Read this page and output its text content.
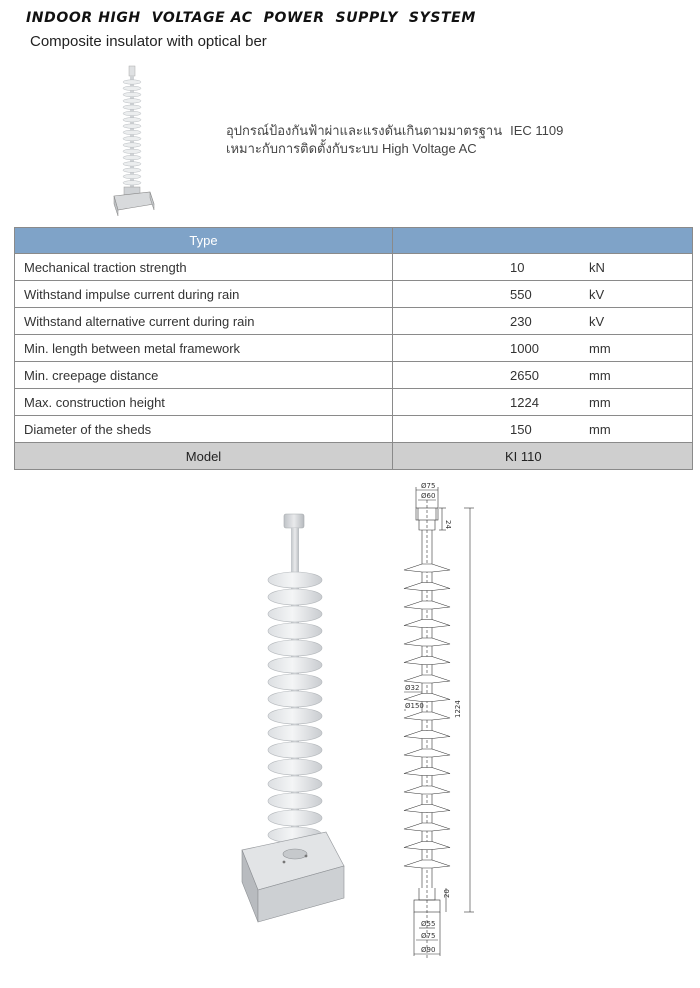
INDOOR HIGH  VOLTAGE AC  POWER  SUPPLY  SYSTEM
Composite insulator with optical ber
อุปกรณ์ป้องกันฟ้าผ่าและแรงดันเกินตามมาตรฐาน IEC 1109
เหมาะกับการติดตั้งกับระบบ High Voltage AC
Type	
Mechanical traction strength	10 kN

Withstand impulse current during rain	550 kV

Withstand alternative current during rain	230 kV

Min. length between metal framework	1000 mm

Min. creepage distance	2650 mm

Max. construction height	1224 mm

Diameter of the sheds	150 mm

Model	KI 110
Ø75
Ø60
24
Ø32
Ø150	1224
20
Ø55
Ø75
Ø90
